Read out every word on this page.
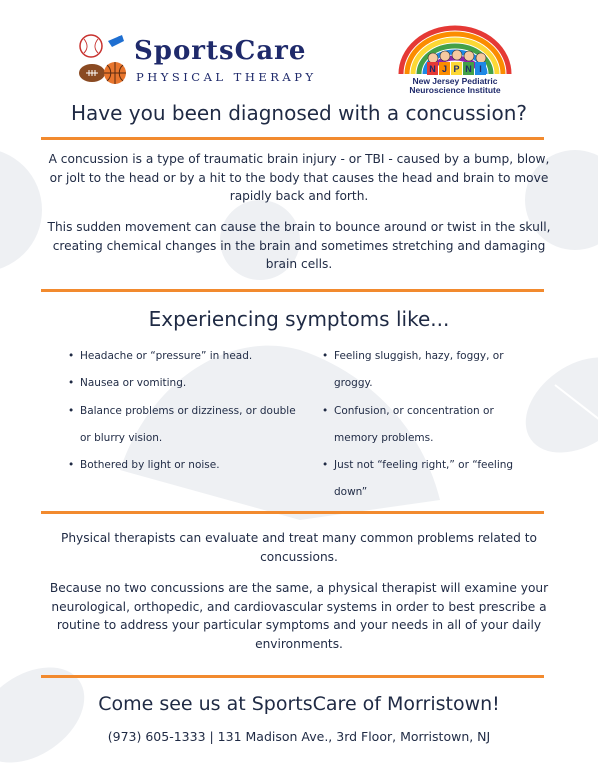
SportsCare
PHYSICAL THERAPY
N J P N I
New Jersey Pediatric
Neuroscience Institute
Have you been diagnosed with a concussion?

A concussion is a type of traumatic brain injury - or TBI - caused by a bump, blow, or jolt to the head or by a hit to the body that causes the head and brain to move rapidly back and forth.

This sudden movement can cause the brain to bounce around or twist in the skull, creating chemical changes in the brain and sometimes stretching and damaging brain cells.

Experiencing symptoms like...
• Headache or “pressure” in head.
• Nausea or vomiting.
• Balance problems or dizziness, or double or blurry vision.
• Bothered by light or noise.
• Feeling sluggish, hazy, foggy, or groggy.
• Confusion, or concentration or memory problems.
• Just not “feeling right,” or “feeling down”

Physical therapists can evaluate and treat many common problems related to concussions.

Because no two concussions are the same, a physical therapist will examine your neurological, orthopedic, and cardiovascular systems in order to best prescribe a routine to address your particular symptoms and your needs in all of your daily environments.

Come see us at SportsCare of Morristown!

(973) 605-1333 | 131 Madison Ave., 3rd Floor, Morristown, NJ
